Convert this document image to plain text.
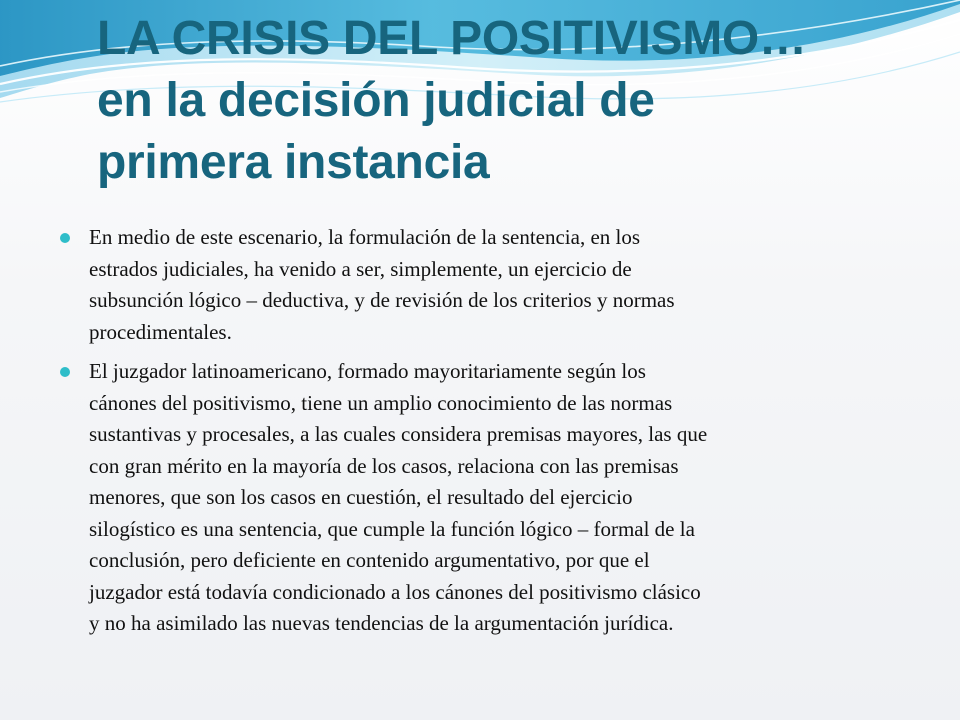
LA CRISIS DEL POSITIVISMO…
en la decisión judicial de
primera instancia
En medio de este escenario, la formulación de la sentencia, en los
estrados judiciales, ha venido a ser, simplemente, un ejercicio de
subsunción lógico – deductiva, y de revisión de los criterios y normas
procedimentales.
El juzgador latinoamericano, formado mayoritariamente según los
cánones del positivismo, tiene un amplio conocimiento de las normas
sustantivas y procesales, a las cuales considera premisas mayores, las que
con gran mérito en la mayoría de los casos, relaciona con las premisas
menores, que son los casos en cuestión, el resultado del ejercicio
silogístico es una sentencia, que cumple la función lógico – formal de la
conclusión, pero deficiente en contenido argumentativo, por que el
juzgador está todavía condicionado a los cánones del positivismo clásico
y no ha asimilado las nuevas tendencias de la argumentación jurídica.
